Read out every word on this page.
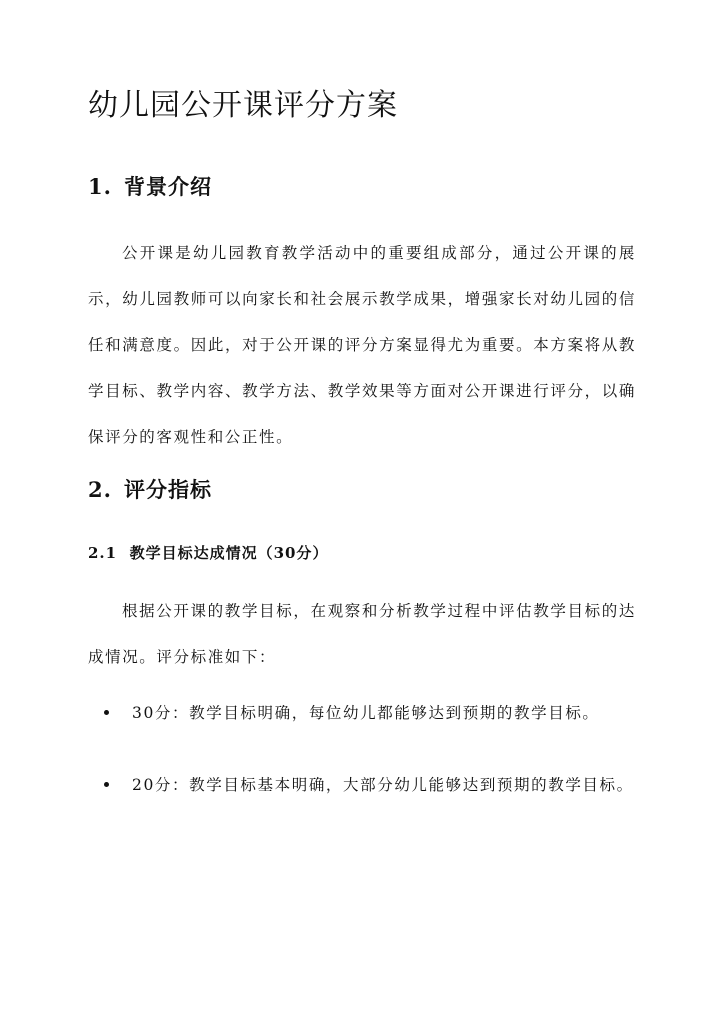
幼儿园公开课评分方案
1. 背景介绍

公开课是幼儿园教育教学活动中的重要组成部分，通过公开课的展示，幼儿园教师可以向家长和社会展示教学成果，增强家长对幼儿园的信任和满意度。因此，对于公开课的评分方案显得尤为重要。本方案将从教学目标、教学内容、教学方法、教学效果等方面对公开课进行评分，以确保评分的客观性和公正性。

2. 评分指标
2.1 教学目标达成情况（30分）

根据公开课的教学目标，在观察和分析教学过程中评估教学目标的达成情况。评分标准如下：

30分：教学目标明确，每位幼儿都能够达到预期的教学目标。
20分：教学目标基本明确，大部分幼儿能够达到预期的教学目标。
